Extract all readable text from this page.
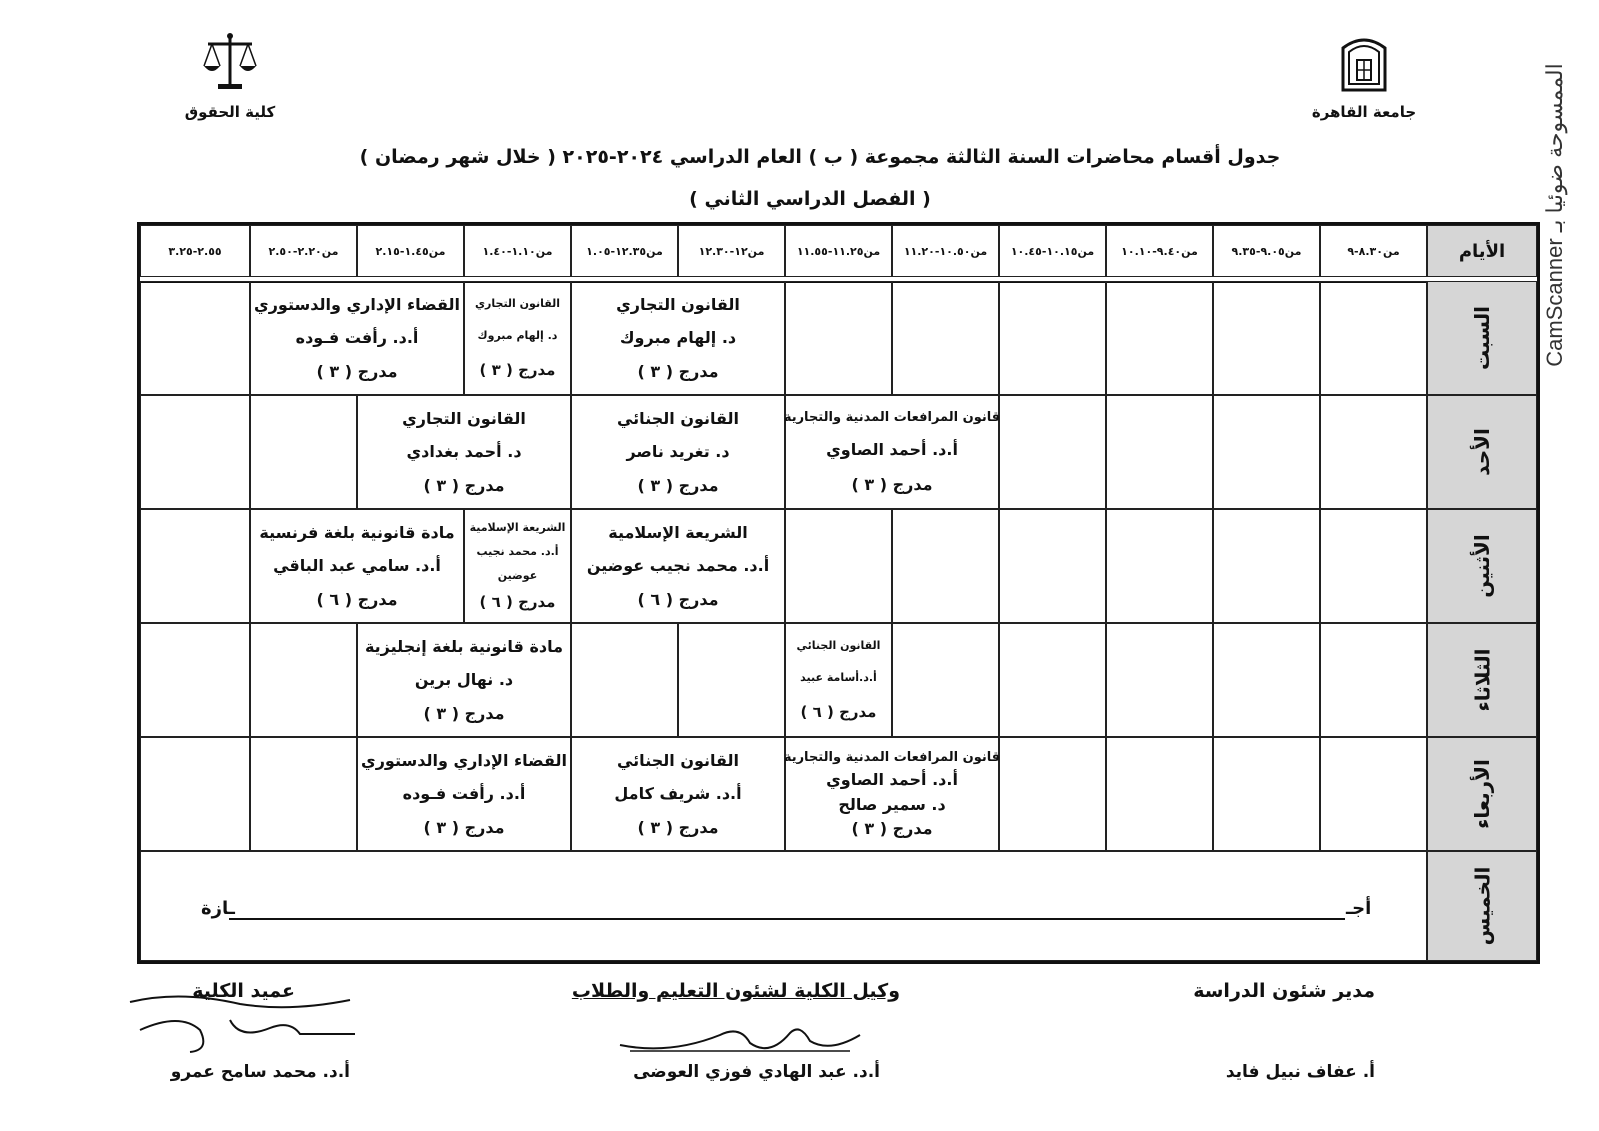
جامعة القاهرة
كلية الحقوق
جدول أقسام محاضرات السنة الثالثة مجموعة ( ب ) العام الدراسي ٢٠٢٤-٢٠٢٥ ( خلال شهر رمضان )
( الفصل الدراسي الثاني )
CamScanner الممسوحة ضوئيا بـ
الأيام
من٨.٣٠-٩
من٩.٠٥-٩.٣٥
من٩.٤٠-١٠.١٠
من١٠.١٥-١٠.٤٥
من١٠.٥٠-١١.٢٠
من١١.٢٥-١١.٥٥
من١٢-١٢.٣٠
من١٢.٣٥-١.٠٥
من١.١٠-١.٤٠
من١.٤٥-٢.١٥
من٢.٢٠-٢.٥٠
٢.٥٥-٣.٢٥
السبت
الأحد
الأثنين
الثلاثاء
الأربعاء
الخميس
القانون التجاري
د. إلهام مبروك
مدرج ( ٣ )
القانون التجاري
د. إلهام مبروك
مدرج ( ٣ )
القضاء الإداري والدستوري
أ.د. رأفت فـوده
مدرج ( ٣ )
قانون المرافعات المدنية والتجارية
أ.د. أحمد الصاوي
مدرج ( ٣ )
القانون الجنائي
د. تغريد ناصر
مدرج ( ٣ )
القانون التجاري
د. أحمد بغدادي
مدرج ( ٣ )
الشريعة الإسلامية
أ.د. محمد نجيب عوضين
مدرج ( ٦ )
الشريعة الإسلامية
أ.د. محمد نجيب
عوضين
مدرج ( ٦ )
مادة قانونية بلغة فرنسية
أ.د. سامي عبد الباقي
مدرج ( ٦ )
القانون الجنائي
أ.د.أسامة عبيد
مدرج ( ٦ )
مادة قانونية بلغة إنجليزية
د. نهال برين
مدرج ( ٣ )
قانون المرافعات المدنية والتجارية
أ.د. أحمد الصاوي
د. سمير صالح
مدرج ( ٣ )
القانون الجنائي
أ.د. شريف كامل
مدرج ( ٣ )
القضاء الإداري والدستوري
أ.د. رأفت فـوده
مدرج ( ٣ )
أجـ
ـازة
مدير شئون الدراسة
أ. عفاف نبيل فايد
وكيل الكلية لشئون التعليم والطلاب
أ.د. عبد الهادي فوزي العوضى
عميد الكلية
أ.د. محمد سامح عمرو
